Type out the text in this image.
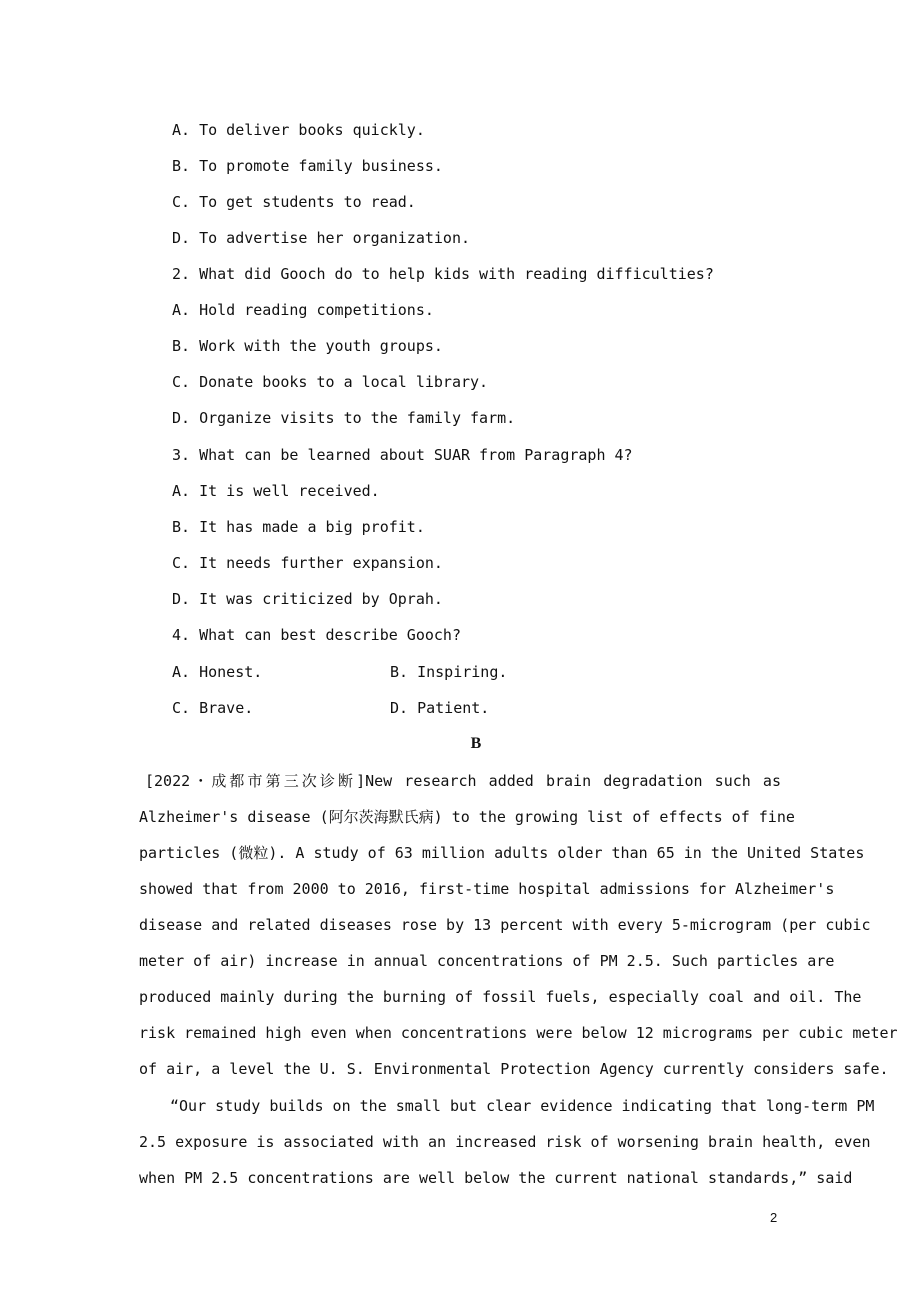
A. To deliver books quickly.
B. To promote family business.
C. To get students to read.
D. To advertise her organization.
2. What did Gooch do to help kids with reading difficulties?
A. Hold reading competitions.
B. Work with the youth groups.
C. Donate books to a local library.
D. Organize visits to the family farm.
3. What can be learned about SUAR from Paragraph 4?
A. It is well received.
B. It has made a big profit.
C. It needs further expansion.
D. It was criticized by Oprah.
4. What can best describe Gooch?
A. Honest.	B. Inspiring.
C. Brave.	D. Patient.
B
[2022・成都市第三次诊断]New research added brain degradation such as
Alzheimer's disease (阿尔茨海默氏病) to the growing list of effects of fine
particles (微粒). A study of 63 million adults older than 65 in the United States
showed that from 2000 to 2016, first-time hospital admissions for Alzheimer's
disease and related diseases rose by 13 percent with every 5-microgram (per cubic
meter of air) increase in annual concentrations of PM 2.5. Such particles are
produced mainly during the burning of fossil fuels, especially coal and oil. The
risk remained high even when concentrations were below 12 micrograms per cubic meter
of air, a level the U. S. Environmental Protection Agency currently considers safe.
“Our study builds on the small but clear evidence indicating that long-term PM
2.5 exposure is associated with an increased risk of worsening brain health, even
when PM 2.5 concentrations are well below the current national standards,” said
2
